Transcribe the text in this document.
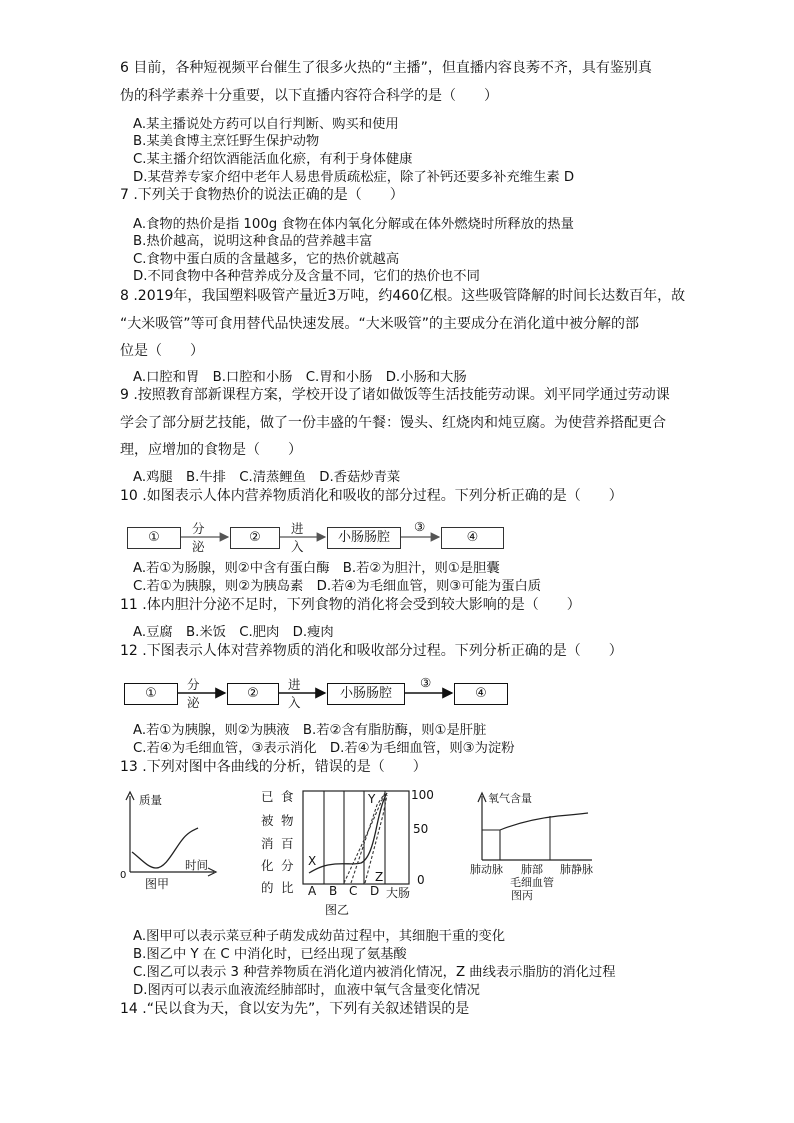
6 目前，各种短视频平台催生了很多火热的“主播”，但直播内容良莠不齐，具有鉴别真
伪的科学素养十分重要，以下直播内容符合科学的是（　　）
A.某主播说处方药可以自行判断、购买和使用
B.某美食博主烹饪野生保护动物
C.某主播介绍饮酒能活血化瘀，有利于身体健康
D.某营养专家介绍中老年人易患骨质疏松症，除了补钙还要多补充维生素 D
7 .下列关于食物热价的说法正确的是（　　）
A.食物的热价是指 100g 食物在体内氧化分解或在体外燃烧时所释放的热量
B.热价越高，说明这种食品的营养越丰富
C.食物中蛋白质的含量越多，它的热价就越高
D.不同食物中各种营养成分及含量不同，它们的热价也不同
8 .2019年，我国塑料吸管产量近3万吨，约460亿根。这些吸管降解的时间长达数百年，故
“大米吸管”等可食用替代品快速发展。“大米吸管”的主要成分在消化道中被分解的部
位是（　　）
A.口腔和胃　B.口腔和小肠　C.胃和小肠　D.小肠和大肠
9 .按照教育部新课程方案，学校开设了诸如做饭等生活技能劳动课。刘平同学通过劳动课
学会了部分厨艺技能，做了一份丰盛的午餐：馒头、红烧肉和炖豆腐。为使营养搭配更合
理，应增加的食物是（　　）
A.鸡腿　B.牛排　C.清蒸鲤鱼　D.香菇炒青菜
10 .如图表示人体内营养物质消化和吸收的部分过程。下列分析正确的是（　　）
①	②	小肠肠腔	④
分泌
进入
③
A.若①为肠腺，则②中含有蛋白酶　B.若②为胆汁，则①是胆囊
C.若①为胰腺，则②为胰岛素　D.若④为毛细血管，则③可能为蛋白质
11 .体内胆汁分泌不足时，下列食物的消化将会受到较大影响的是（　　）
A.豆腐　B.米饭　C.肥肉　D.瘦肉
12 .下图表示人体对营养物质的消化和吸收部分过程。下列分析正确的是（　　）
①	②	小肠肠腔	④
分泌
进入
③
A.若①为胰腺，则②为胰液　B.若②含有脂肪酶，则①是肝脏
C.若④为毛细血管，③表示消化　D.若④为毛细血管，则③为淀粉
13 .下列对图中各曲线的分析，错误的是（　　）
质量
时间
0
图甲
已
被
消
化
的
食
物
百
分
比
X
Y
Z
100
50
0
A B C D 大肠
图乙
氧气含量
肺动脉 肺部 肺静脉
毛细血管
图丙
A.图甲可以表示菜豆种子萌发成幼苗过程中，其细胞干重的变化
B.图乙中 Y 在 C 中消化时，已经出现了氨基酸
C.图乙可以表示 3 种营养物质在消化道内被消化情况，Z 曲线表示脂肪的消化过程
D.图丙可以表示血液流经肺部时，血液中氧气含量变化情况
14 .“民以食为天，食以安为先”，下列有关叙述错误的是
